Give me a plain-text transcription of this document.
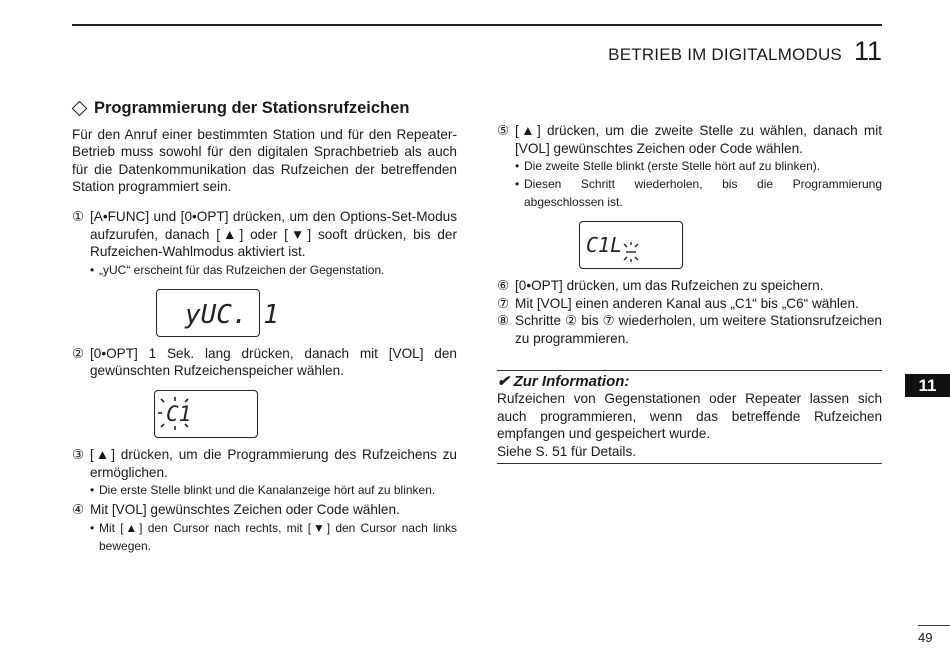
BETRIEB IM DIGITALMODUS 11
Programmierung der Stationsrufzeichen

Für den Anruf einer bestimmten Station und für den Repeater-Betrieb muss sowohl für den digitalen Sprachbetrieb als auch für die Datenkommunikation das Rufzeichen der betreffenden Station programmiert sein.

① [A•FUNC] und [0•OPT] drücken, um den Options-Set-Modus aufzurufen, danach [▲] oder [▼] sooft drücken, bis der Rufzeichen-Wahlmodus aktiviert ist.
• „yUC“ erscheint für das Rufzeichen der Gegenstation.
yUC. 1
② [0•OPT] 1 Sek. lang drücken, danach mit [VOL] den gewünschten Rufzeichenspeicher wählen.
C1
③ [▲] drücken, um die Programmierung des Rufzeichens zu ermöglichen.
• Die erste Stelle blinkt und die Kanalanzeige hört auf zu blinken.
④ Mit [VOL] gewünschtes Zeichen oder Code wählen.
• Mit [▲] den Cursor nach rechts, mit [▼] den Cursor nach links bewegen.
⑤ [▲] drücken, um die zweite Stelle zu wählen, danach mit [VOL] gewünschtes Zeichen oder Code wählen.
• Die zweite Stelle blinkt (erste Stelle hört auf zu blinken).
• Diesen Schritt wiederholen, bis die Programmierung abgeschlossen ist.
C1L
⑥ [0•OPT] drücken, um das Rufzeichen zu speichern.
⑦ Mit [VOL] einen anderen Kanal aus „C1“ bis „C6“ wählen.
⑧ Schritte ② bis ⑦ wiederholen, um weitere Stationsrufzeichen zu programmieren.
✔ Zur Information:

Rufzeichen von Gegenstationen oder Repeater lassen sich auch programmieren, wenn das betreffende Rufzeichen empfangen und gespeichert wurde.

Siehe S. 51 für Details.

11
49
